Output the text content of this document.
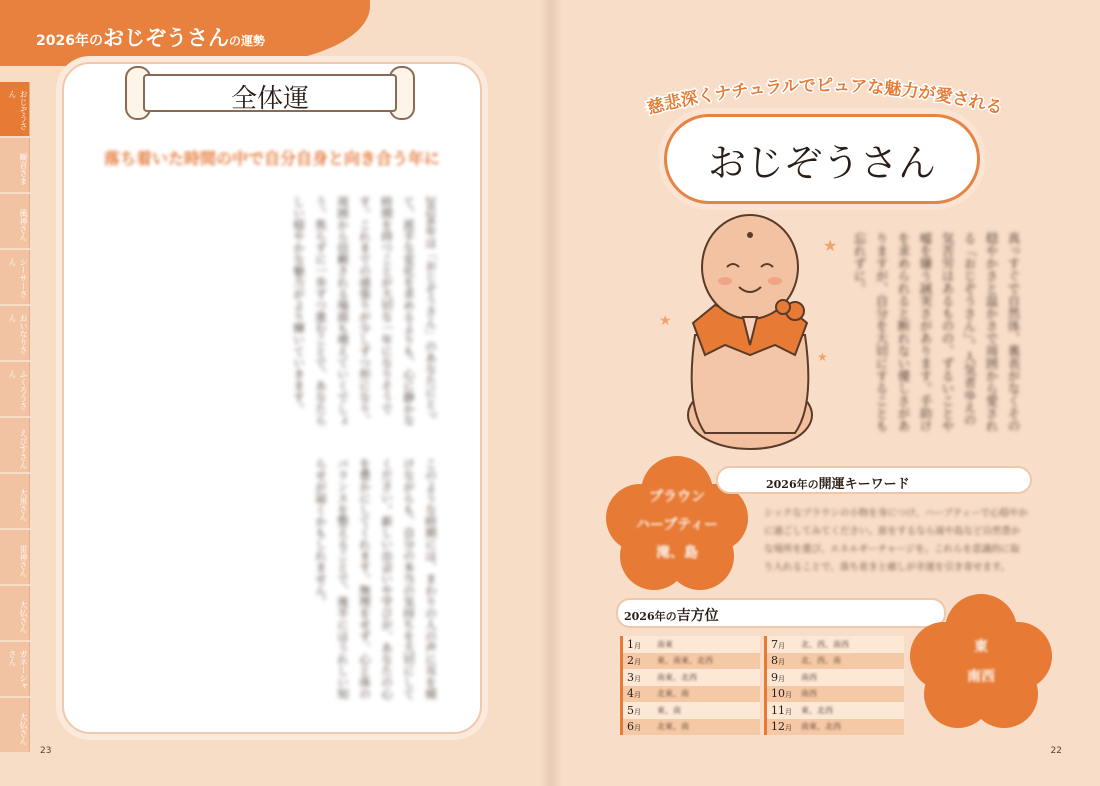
2026年のおじぞうさんの運勢
おじぞうさん
観音さま
風神さん
シーサーさん
おいなりさん
ふくろうさん
えびすさん
大黒さん
雷神さん
大仏さん
ガネーシャさん
大仏さん
全体運
落ち着いた時間の中で自分自身と向き合う年に
2026年は「おじぞうさん」のあなたにとって、派手な変化を求めるよりも、心に静かな時間を持つことが大切な一年になりそうです。これまでの頑張りが少しずつ形になり、周囲から信頼される場面も増えていくでしょう。焦らずに一歩ずつ進むことで、あなたらしい穏やかな魅力がより輝いていきます。
このような時期には、まわりの人の声に耳を傾けながらも、自分の本当の気持ちを大切にしてください。新しい出会いや学びが、あなたの心を豊かにしてくれます。無理をせず、心と体のバランスを整えることで、後半にはうれしい知らせが届くかもしれません。
23	22
慈悲深くナチュラルでピュアな魅力が愛される
おじぞうさん
★
★
★	真っすぐで自然体、裏表がなくその穏やかさと温かさで周囲から愛される「おじぞうさん」。人気者ゆえの気苦労はあるものの、ずるいことや嘘を嫌う誠実さがあります。手助けを求められると断れない優しさがありますが、自分を大切にすることも忘れずに。
ブラウン
ハーブティー
滝、島
2026年の開運キーワード
シックなブラウンの小物を身につけ、ハーブティーで心穏やかに過ごしてみてください。旅をするなら滝や島など自然豊かな場所を選び、エネルギーチャージを。これらを意識的に取り入れることで、落ち着きと癒しが幸運を引き寄せます。
2026年の吉方位
1月	南東
2月	東、南東、北西
3月	南東、北西
4月	北東、南
5月	東、南
6月	北東、南
7月	北、西、南西
8月	北、西、南
9月	南西
10月	南西
11月	東、北西
12月	南東、北西
東
南西
